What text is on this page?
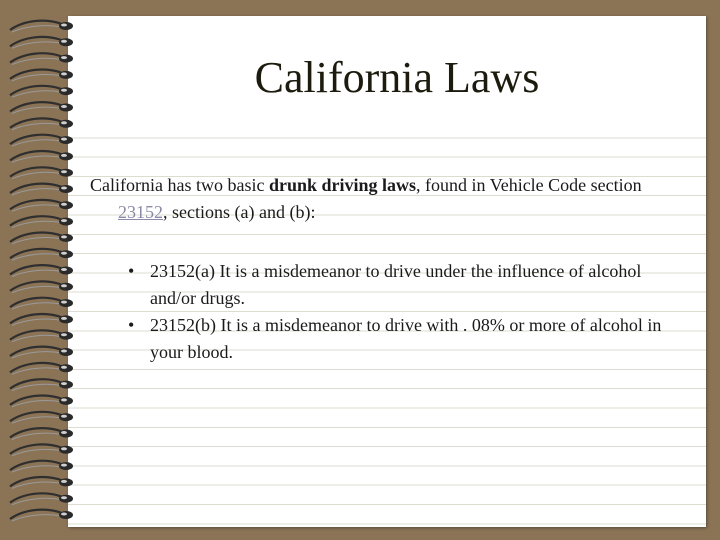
California Laws

California has two basic drunk driving laws, found in Vehicle Code section 23152, sections (a) and (b):

• 23152(a) It is a misdemeanor to drive under the influence of alcohol and/or drugs.
• 23152(b) It is a misdemeanor to drive with . 08% or more of alcohol in your blood.
